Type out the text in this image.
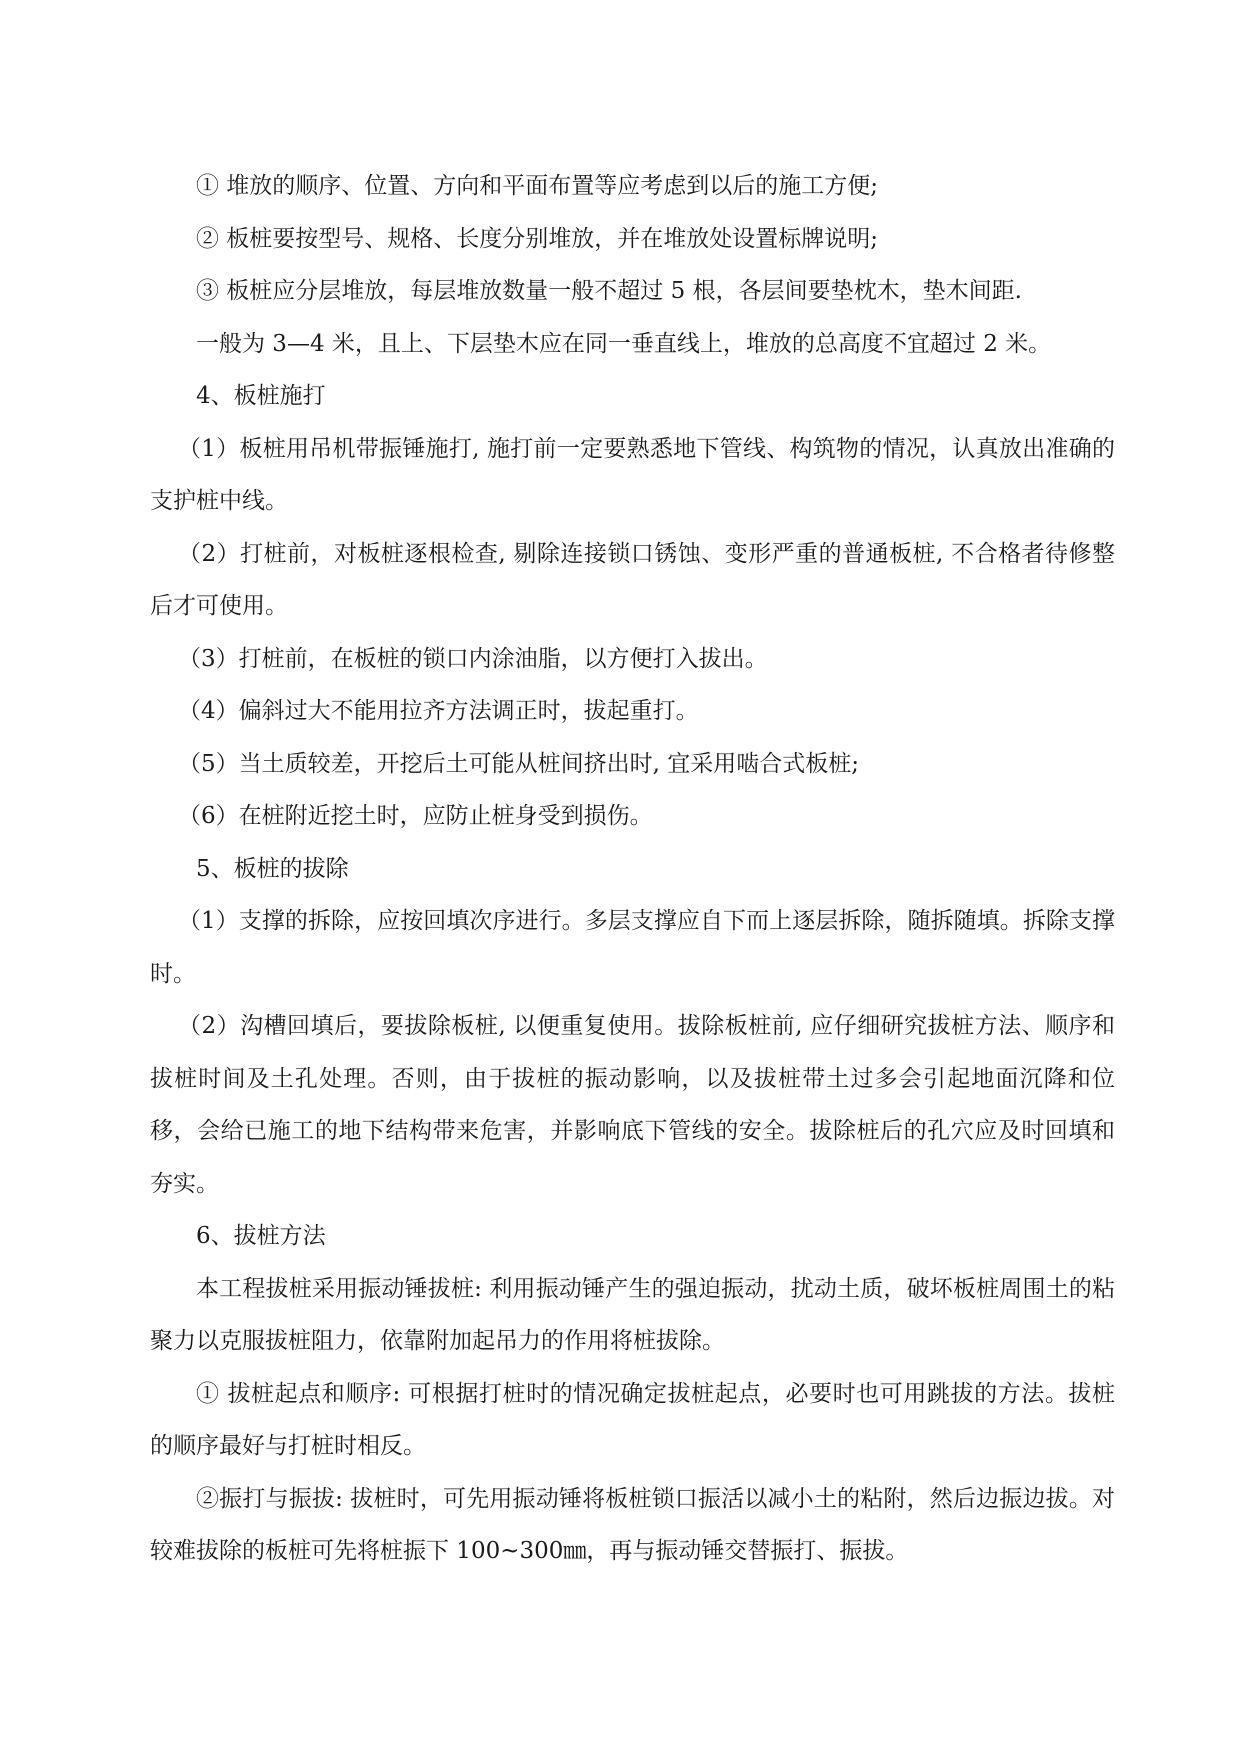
① 堆放的顺序、位置、方向和平面布置等应考虑到以后的施工方便;

② 板桩要按型号、规格、长度分别堆放，并在堆放处设置标牌说明;

③ 板桩应分层堆放，每层堆放数量一般不超过 5 根，各层间要垫枕木，垫木间距.

一般为 3—4 米，且上、下层垫木应在同一垂直线上，堆放的总高度不宜超过 2 米。

4、板桩施打

（1）板桩用吊机带振锤施打, 施打前一定要熟悉地下管线、构筑物的情况，认真放出准确的支护桩中线。

（2）打桩前，对板桩逐根检查, 剔除连接锁口锈蚀、变形严重的普通板桩, 不合格者待修整后才可使用。

（3）打桩前，在板桩的锁口内涂油脂，以方便打入拔出。

（4）偏斜过大不能用拉齐方法调正时，拔起重打。

（5）当土质较差，开挖后土可能从桩间挤出时, 宜采用啮合式板桩;

（6）在桩附近挖土时，应防止桩身受到损伤。

5、板桩的拔除

（1）支撑的拆除，应按回填次序进行。多层支撑应自下而上逐层拆除，随拆随填。拆除支撑时。

（2）沟槽回填后，要拔除板桩, 以便重复使用。拔除板桩前, 应仔细研究拔桩方法、顺序和拔桩时间及土孔处理。否则，由于拔桩的振动影响，以及拔桩带土过多会引起地面沉降和位移，会给已施工的地下结构带来危害，并影响底下管线的安全。拔除桩后的孔穴应及时回填和夯实。

6、拔桩方法

本工程拔桩采用振动锤拔桩: 利用振动锤产生的强迫振动，扰动土质，破坏板桩周围土的粘聚力以克服拔桩阻力，依靠附加起吊力的作用将桩拔除。

① 拔桩起点和顺序: 可根据打桩时的情况确定拔桩起点，必要时也可用跳拔的方法。拔桩的顺序最好与打桩时相反。

②振打与振拔: 拔桩时，可先用振动锤将板桩锁口振活以减小土的粘附，然后边振边拔。对较难拔除的板桩可先将桩振下 100~300㎜，再与振动锤交替振打、振拔。
